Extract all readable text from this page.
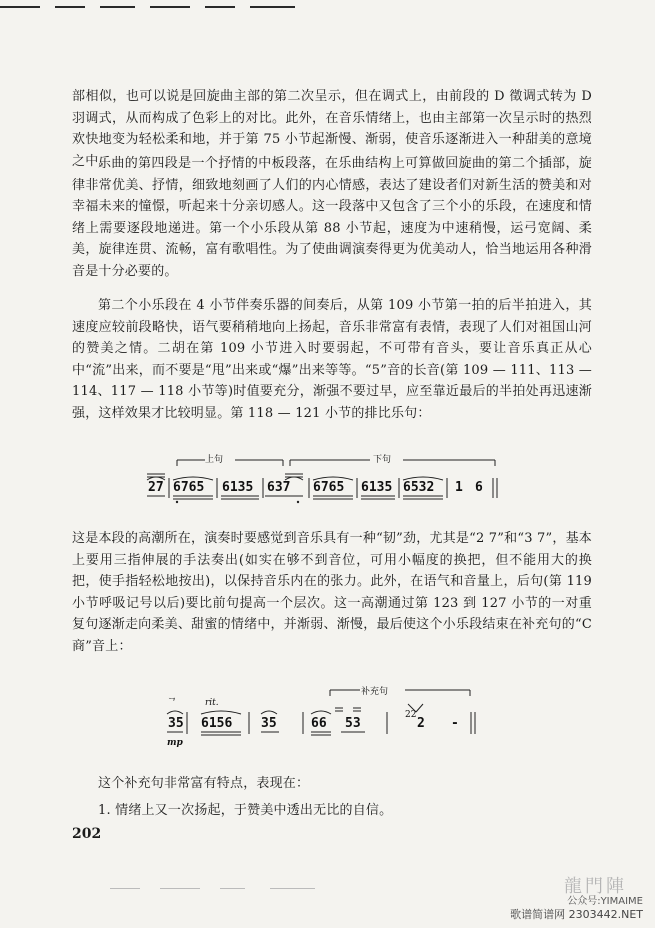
部相似，也可以说是回旋曲主部的第二次呈示，但在调式上，由前段的 D 徵调式转为 D 羽调式，从而构成了色彩上的对比。此外，在音乐情绪上，也由主部第一次呈示时的热烈欢快地变为轻松柔和地，并于第 75 小节起渐慢、渐弱，使音乐逐渐进入一种甜美的意境之中。

乐曲的第四段是一个抒情的中板段落，在乐曲结构上可算做回旋曲的第二个插部，旋律非常优美、抒情，细致地刻画了人们的内心情感，表达了建设者们对新生活的赞美和对幸福未来的憧憬，听起来十分亲切感人。这一段落中又包含了三个小的乐段，在速度和情绪上需要逐段地递进。第一个小乐段从第 88 小节起，速度为中速稍慢，运弓宽阔、柔美，旋律连贯、流畅，富有歌唱性。为了使曲调演奏得更为优美动人，恰当地运用各种滑音是十分必要的。

第二个小乐段在 4 小节伴奏乐器的间奏后，从第 109 小节第一拍的后半拍进入，其速度应较前段略快，语气要稍稍地向上扬起，音乐非常富有表情，表现了人们对祖国山河的赞美之情。二胡在第 109 小节进入时要弱起，不可带有音头，要让音乐真正从心中“流”出来，而不要是“甩”出来或“爆”出来等等。“5”音的长音(第 109 — 111、113 — 114、117 — 118 小节等)时值要充分，渐强不要过早，应至靠近最后的半拍处再迅速渐强，这样效果才比较明显。第 118 — 121 小节的排比乐句：

上句	下句
27 6765 6135 637 6765 6135 6532 1 6

这是本段的高潮所在，演奏时要感觉到音乐具有一种“韧”劲，尤其是“2 7”和“3 7”，基本上要用三指伸展的手法奏出(如实在够不到音位，可用小幅度的换把，但不能用大的换把，使手指轻松地按出)，以保持音乐内在的张力。此外，在语气和音量上，后句(第 119 小节呼吸记号以后)要比前句提高一个层次。这一高潮通过第 123 到 127 小节的一对重复句逐渐走向柔美、甜蜜的情绪中，并渐弱、渐慢，最后使这个小乐段结束在补充句的“C 商”音上：

ᄀ	rit.
补充句
35 6156 35	66 53
22
2 -
mp

这个补充句非常富有特点，表现在：

1. 情绪上又一次扬起，于赞美中透出无比的自信。

202
龍門陣
公众号:YIMAIME
歌谱简谱网 2303442.NET
